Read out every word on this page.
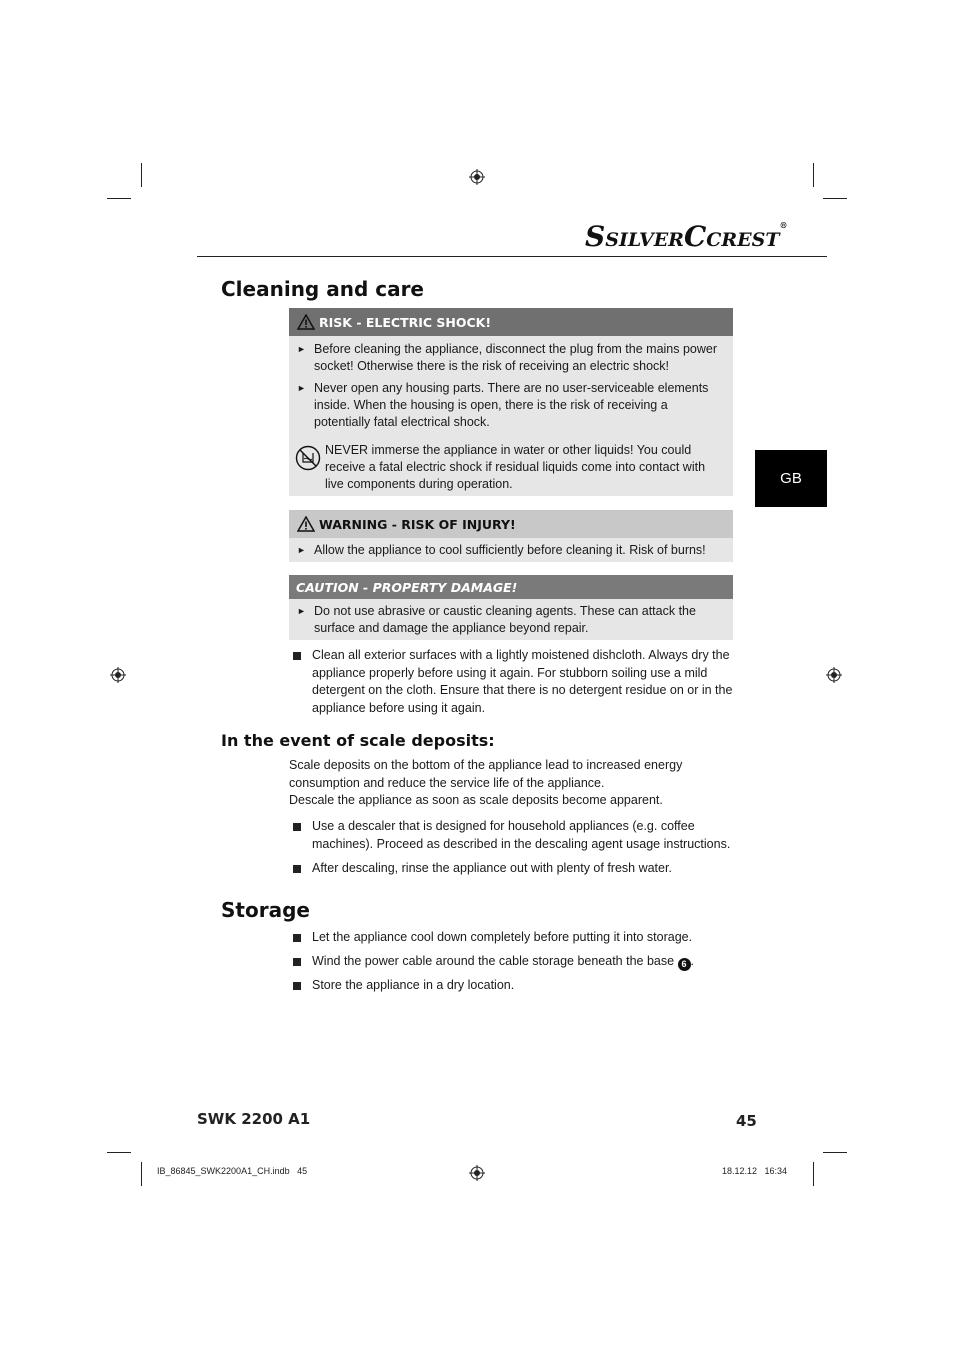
SSILVERCCREST®
GB
Cleaning and care
RISK - ELECTRIC SHOCK!
► Before cleaning the appliance, disconnect the plug from the mains power socket! Otherwise there is the risk of receiving an electric shock!
► Never open any housing parts. There are no user-serviceable elements inside. When the housing is open, there is the risk of receiving a potentially fatal electrical shock.
NEVER immerse the appliance in water or other liquids! You could receive a fatal electric shock if residual liquids come into contact with live components during operation.
WARNING - RISK OF INJURY!
► Allow the appliance to cool sufficiently before cleaning it. Risk of burns!
CAUTION - PROPERTY DAMAGE!
► Do not use abrasive or caustic cleaning agents. These can attack the surface and damage the appliance beyond repair.
Clean all exterior surfaces with a lightly moistened dishcloth. Always dry the appliance properly before using it again. For stubborn soiling use a mild detergent on the cloth. Ensure that there is no detergent residue on or in the appliance before using it again.
In the event of scale deposits:
Scale deposits on the bottom of the appliance lead to increased energy consumption and reduce the service life of the appliance.
Descale the appliance as soon as scale deposits become apparent.
Use a descaler that is designed for household appliances (e.g. coffee machines). Proceed as described in the descaling agent usage instructions.
After descaling, rinse the appliance out with plenty of fresh water.
Storage
Let the appliance cool down completely before putting it into storage.
Wind the power cable around the cable storage beneath the base 6 .
Store the appliance in a dry location.
SWK 2200 A1	45
IB_86845_SWK2200A1_CH.indb   45	18.12.12   16:34
